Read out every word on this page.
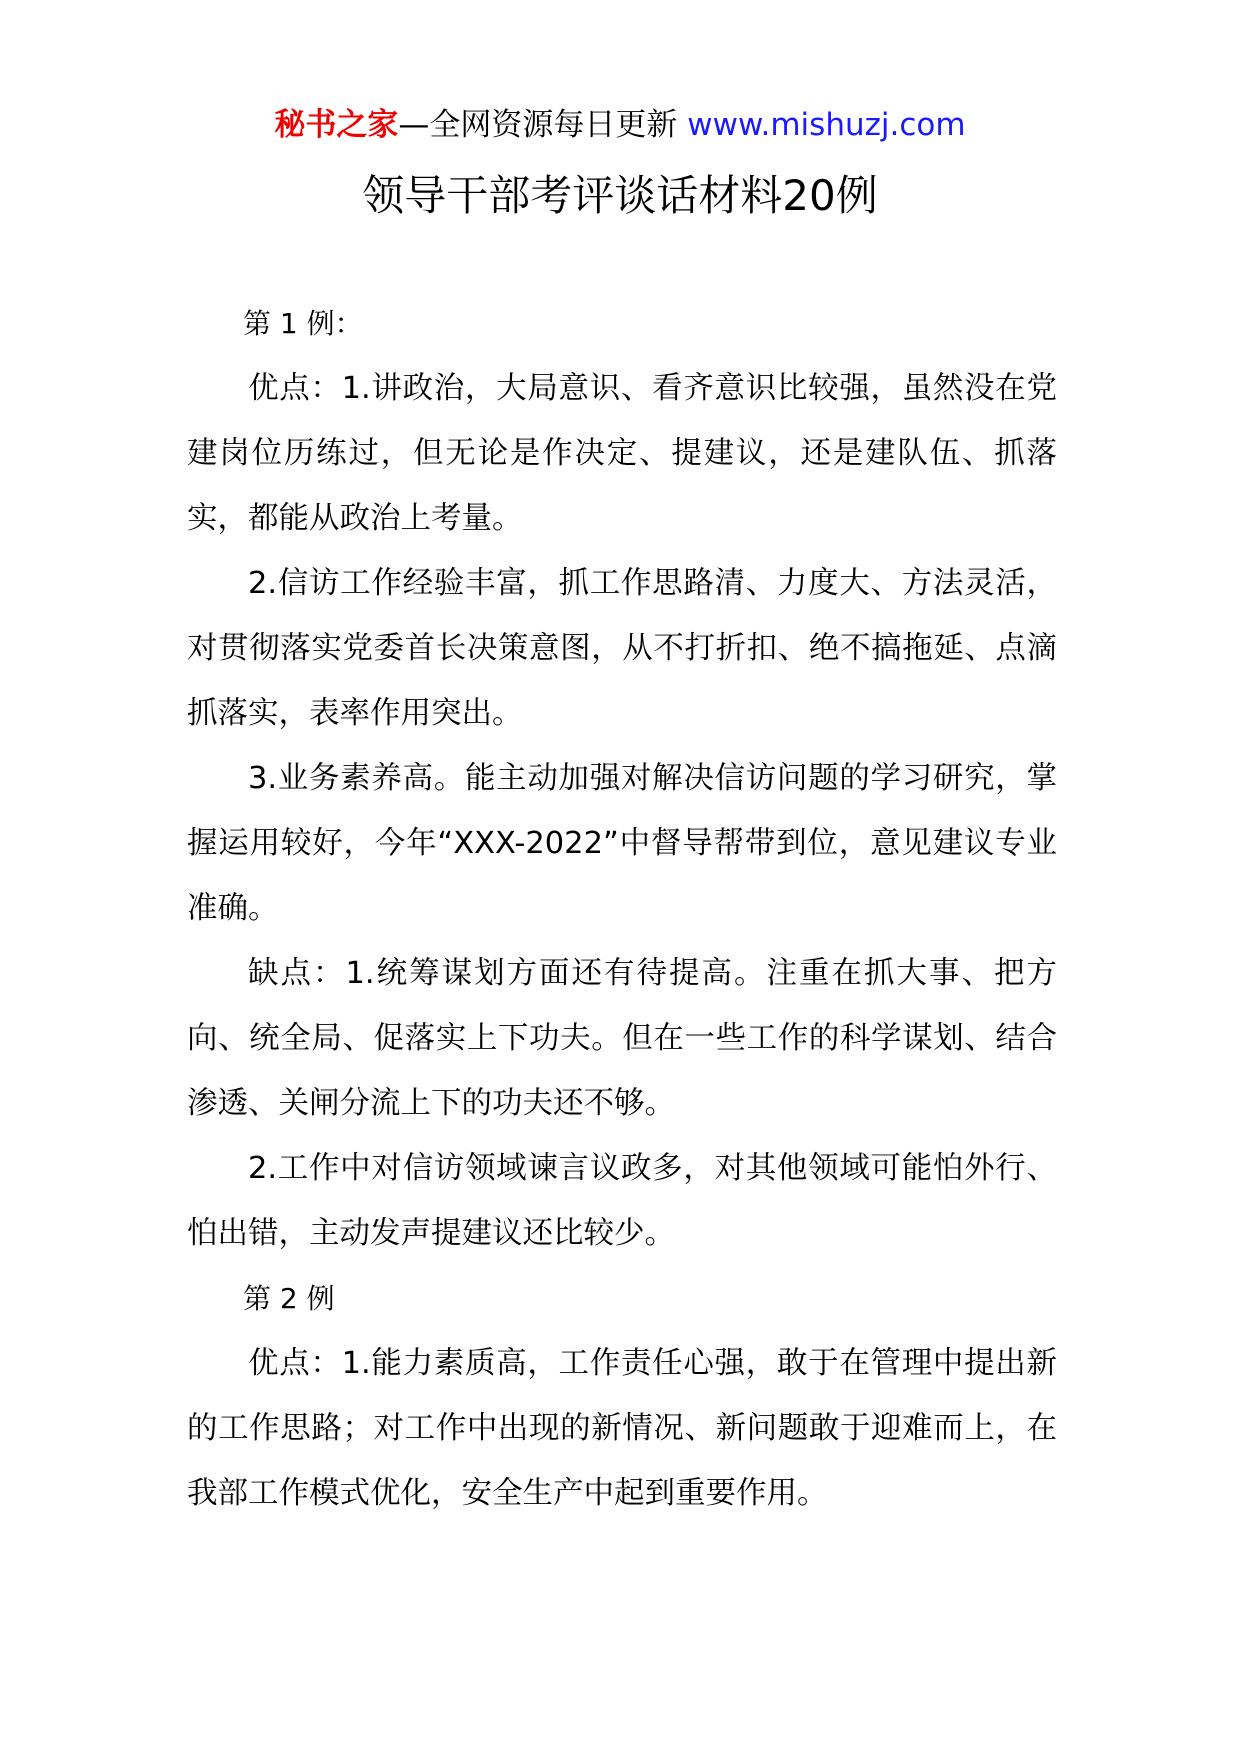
秘书之家—全网资源每日更新 www.mishuzj.com
领导干部考评谈话材料20例

第 1 例：

优点：1.讲政治，大局意识、看齐意识比较强，虽然没在党建岗位历练过，但无论是作决定、提建议，还是建队伍、抓落实，都能从政治上考量。

2.信访工作经验丰富，抓工作思路清、力度大、方法灵活，对贯彻落实党委首长决策意图，从不打折扣、绝不搞拖延、点滴抓落实，表率作用突出。

3.业务素养高。能主动加强对解决信访问题的学习研究，掌握运用较好，今年“XXX-2022”中督导帮带到位，意见建议专业准确。

缺点：1.统筹谋划方面还有待提高。注重在抓大事、把方向、统全局、促落实上下功夫。但在一些工作的科学谋划、结合渗透、关闸分流上下的功夫还不够。

2.工作中对信访领域谏言议政多，对其他领域可能怕外行、怕出错，主动发声提建议还比较少。

第 2 例

优点：1.能力素质高，工作责任心强，敢于在管理中提出新的工作思路；对工作中出现的新情况、新问题敢于迎难而上，在我部工作模式优化，安全生产中起到重要作用。
